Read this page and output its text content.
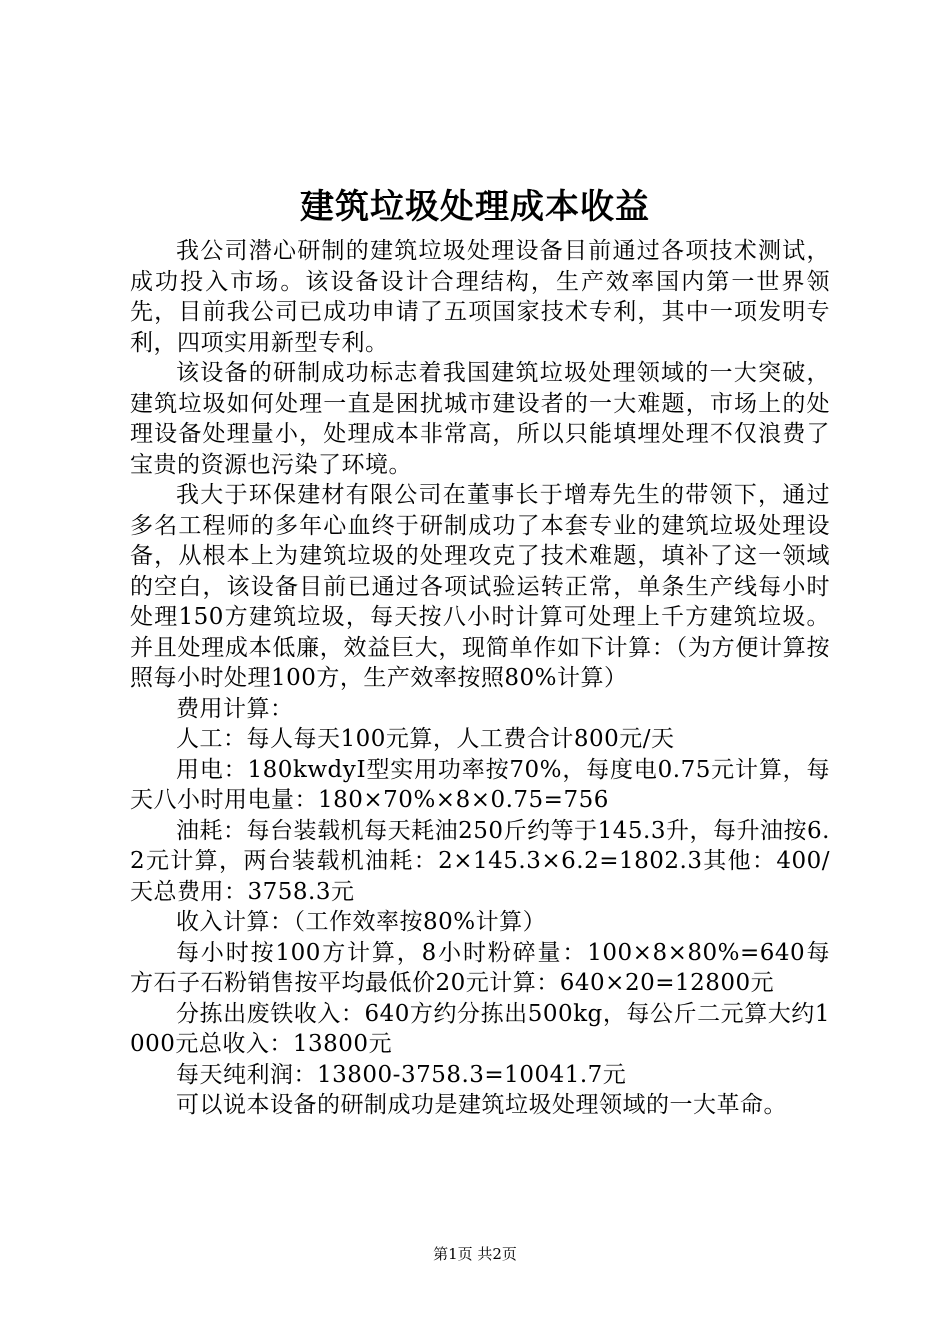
建筑垃圾处理成本收益

我公司潜心研制的建筑垃圾处理设备目前通过各项技术测试，成功投入市场。该设备设计合理结构，生产效率国内第一世界领先，目前我公司已成功申请了五项国家技术专利，其中一项发明专利，四项实用新型专利。

该设备的研制成功标志着我国建筑垃圾处理领域的一大突破，建筑垃圾如何处理一直是困扰城市建设者的一大难题，市场上的处理设备处理量小，处理成本非常高，所以只能填埋处理不仅浪费了宝贵的资源也污染了环境。

我大于环保建材有限公司在董事长于增寿先生的带领下，通过多名工程师的多年心血终于研制成功了本套专业的建筑垃圾处理设备，从根本上为建筑垃圾的处理攻克了技术难题，填补了这一领域的空白，该设备目前已通过各项试验运转正常，单条生产线每小时处理150方建筑垃圾，每天按八小时计算可处理上千方建筑垃圾。并且处理成本低廉，效益巨大，现简单作如下计算：（为方便计算按照每小时处理100方，生产效率按照80%计算）

费用计算：

人工：每人每天100元算，人工费合计800元/天

用电：180kwdyⅠ型实用功率按70%，每度电0.75元计算，每天八小时用电量：180×70%×8×0.75=756

油耗：每台装载机每天耗油250斤约等于145.3升，每升油按6.2元计算，两台装载机油耗：2×145.3×6.2=1802.3其他：400/天总费用：3758.3元

收入计算：（工作效率按80%计算）

每小时按100方计算，8小时粉碎量：100×8×80%=640每方石子石粉销售按平均最低价20元计算：640×20=12800元

分拣出废铁收入：640方约分拣出500kg，每公斤二元算大约1000元总收入：13800元

每天纯利润：13800-3758.3=10041.7元

可以说本设备的研制成功是建筑垃圾处理领域的一大革命。

第1页 共2页
